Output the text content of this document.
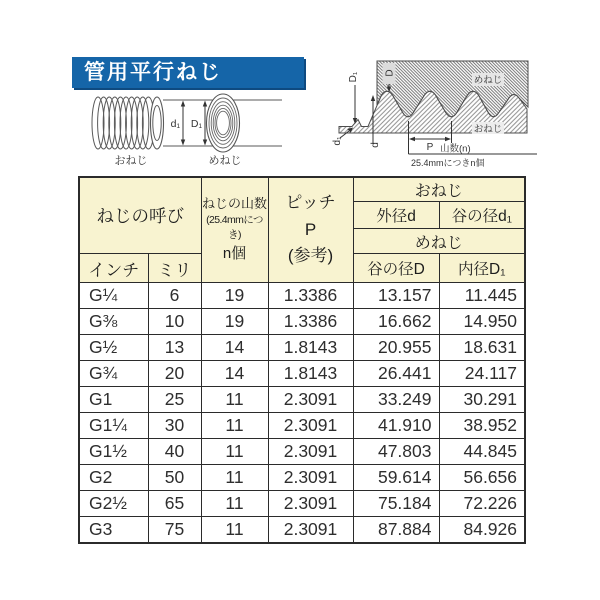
管用平行ねじ
d₁ D₁
おねじ	めねじ
D₁	D
d
d₁
P 山数(n)
25.4mmにつきn個
めねじ
おねじ
ねじの呼び	
ねじの山数
(25.4mmにつき)
n個

ピッチ
P
(参考)
	おねじ
				外径d	谷の径d₁
				めねじ	
インチ	ミリ			谷の径D	内径D₁
G¼	6	19	1.3386	13.157	11.445
G⅜	10	19	1.3386	16.662	14.950
G½	13	14	1.8143	20.955	18.631
G¾	20	14	1.8143	26.441	24.117
G1	25	11	2.3091	33.249	30.291
G1¼	30	11	2.3091	41.910	38.952
G1½	40	11	2.3091	47.803	44.845
G2	50	11	2.3091	59.614	56.656
G2½	65	11	2.3091	75.184	72.226
G3	75	11	2.3091	87.884	84.926
